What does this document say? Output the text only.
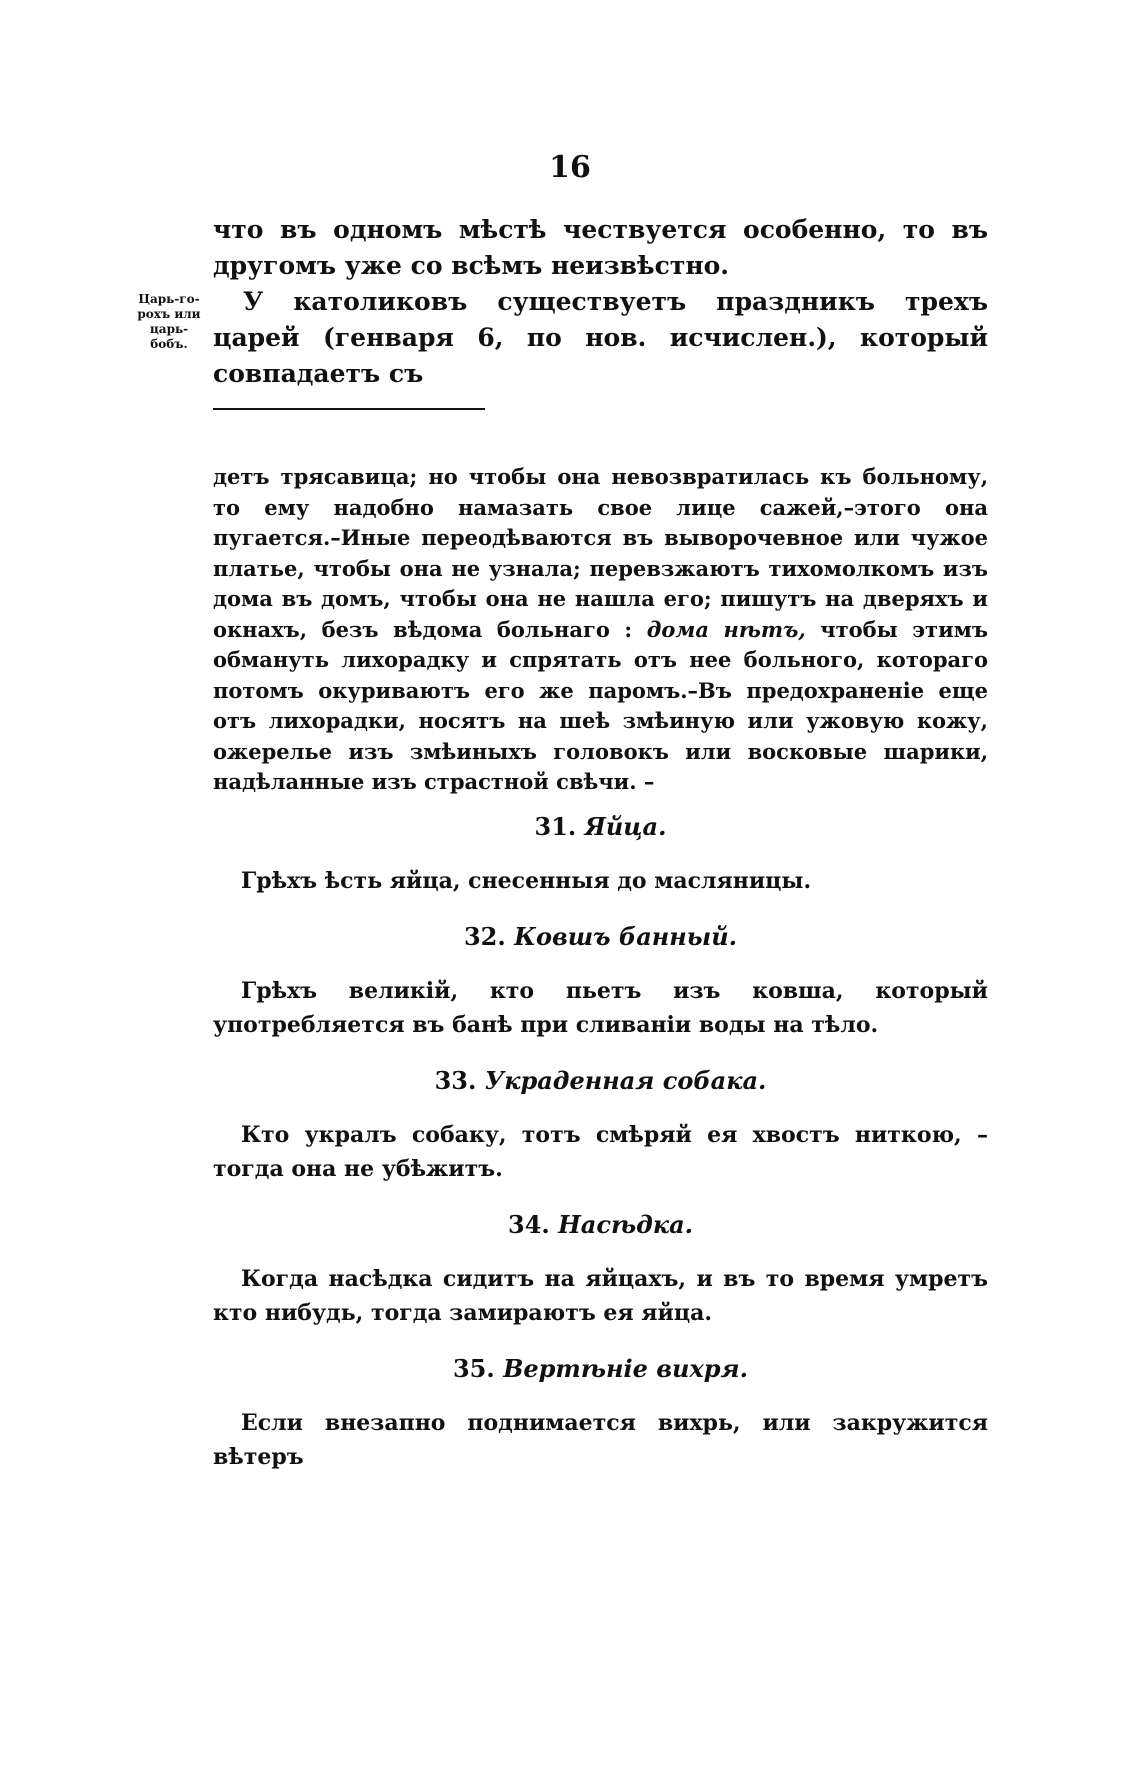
16

что въ одномъ мѣстѣ чествуется особенно, то въ другомъ уже со всѣмъ неизвѣстно.

У католиковъ существуетъ праздникъ трехъ царей (генваря 6, по нов. исчислен.), который совпадаетъ съ

Царь-го-
рохъ или
царь-
бобъ.

детъ трясавица; но чтобы она невозвратилась къ больному, то ему надобно намазать свое лице сажей,–этого она пугается.–Иные переодѣваются въ выворочевное или чужое платье, чтобы она не узнала; перевзжаютъ тихомолкомъ изъ дома въ домъ, чтобы она не нашла его; пишутъ на дверяхъ и окнахъ, безъ вѣдома больнаго : дома нѣтъ, чтобы этимъ обмануть лихорадку и спрятать отъ нее больного, котораго потомъ окуриваютъ его же паромъ.–Въ предохраненіе еще отъ лихорадки, носятъ на шеѣ змѣиную или ужовую кожу, ожерелье изъ змѣиныхъ головокъ или восковые шарики, надѣланные изъ страстной свѣчи. –

31. Яйца.

Грѣхъ ѣсть яйца, снесенныя до масляницы.

32. Ковшъ банный.

Грѣхъ великій, кто пьетъ изъ ковша, который употребляется въ банѣ при сливаніи воды на тѣло.

33. Украденная собака.

Кто укралъ собаку, тотъ смѣряй ея хвостъ ниткою, – тогда она не убѣжитъ.

34. Насѣдка.

Когда насѣдка сидитъ на яйцахъ, и въ то время умретъ кто нибудь, тогда замираютъ ея яйца.

35. Вертѣніе вихря.

Если внезапно поднимается вихрь, или закружится вѣтеръ
